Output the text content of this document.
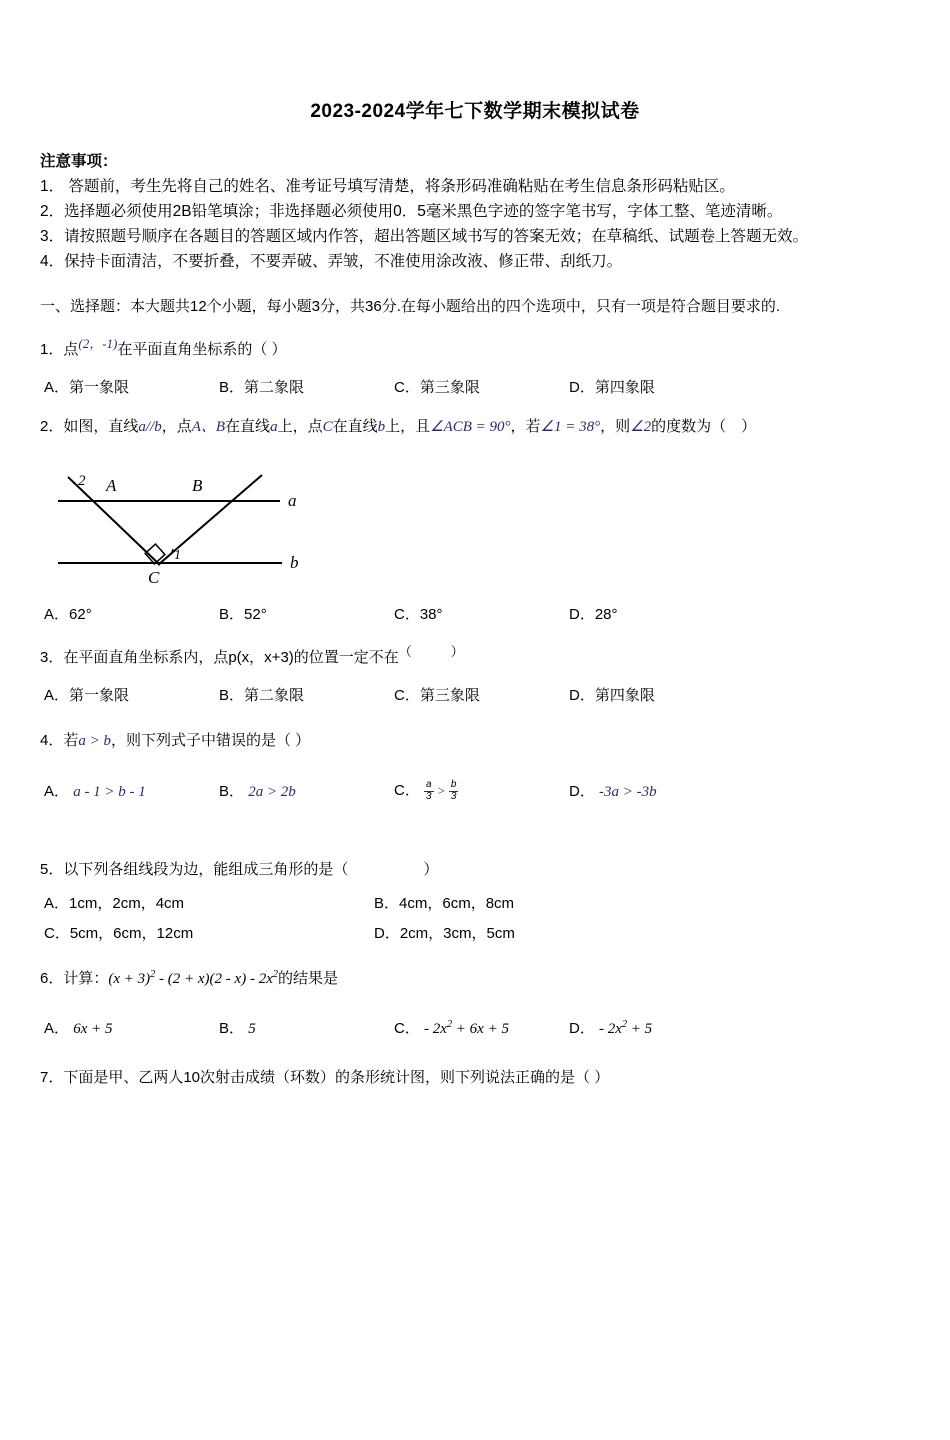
2023-2024学年七下数学期末模拟试卷
注意事项：
1． 答题前，考生先将自己的姓名、准考证号填写清楚，将条形码准确粘贴在考生信息条形码粘贴区。
2．选择题必须使用2B铅笔填涂；非选择题必须使用0．5毫米黑色字迹的签字笔书写，字体工整、笔迹清晰。
3．请按照题号顺序在各题目的答题区域内作答，超出答题区域书写的答案无效；在草稿纸、试题卷上答题无效。
4．保持卡面清洁，不要折叠，不要弄破、弄皱，不准使用涂改液、修正带、刮纸刀。
一、选择题：本大题共12个小题，每小题3分，共36分.在每小题给出的四个选项中，只有一项是符合题目要求的.
1．点(2，-1)在平面直角坐标系的（ ）
A．第一象限	B．第二象限	C．第三象限	D．第四象限
2．如图，直线a//b，点A、B在直线a上，点C在直线b上，且∠ACB = 90°，若∠1 = 38°，则∠2的度数为（　）
2 A	B
a
b
C
1
A．62°	B．52°	C．38°	D．28°
3．在平面直角坐标系内，点p(x，x+3)的位置一定不在（　　　）
A．第一象限	B．第二象限	C．第三象限	D．第四象限
4．若a > b，则下列式子中错误的是（ ）
A． a - 1 > b - 1	B． 2a > 2b	C． $\frac{a}{3} > \frac{b}{3}$	D． -3a > -3b
5．以下列各组线段为边，能组成三角形的是（　　　　　）
A．1cm，2cm，4cm	B．4cm，6cm，8cm
C．5cm，6cm，12cm	D．2cm，3cm，5cm
6．计算：$(x + 3)^2 - (2 + x)(2 - x) - 2x^2$的结果是
A． 6x + 5	B． 5	C． - $2x^2 + 6x + 5$	D． - $2x^2 + 5$
7．下面是甲、乙两人10次射击成绩（环数）的条形统计图，则下列说法正确的是（ ）
